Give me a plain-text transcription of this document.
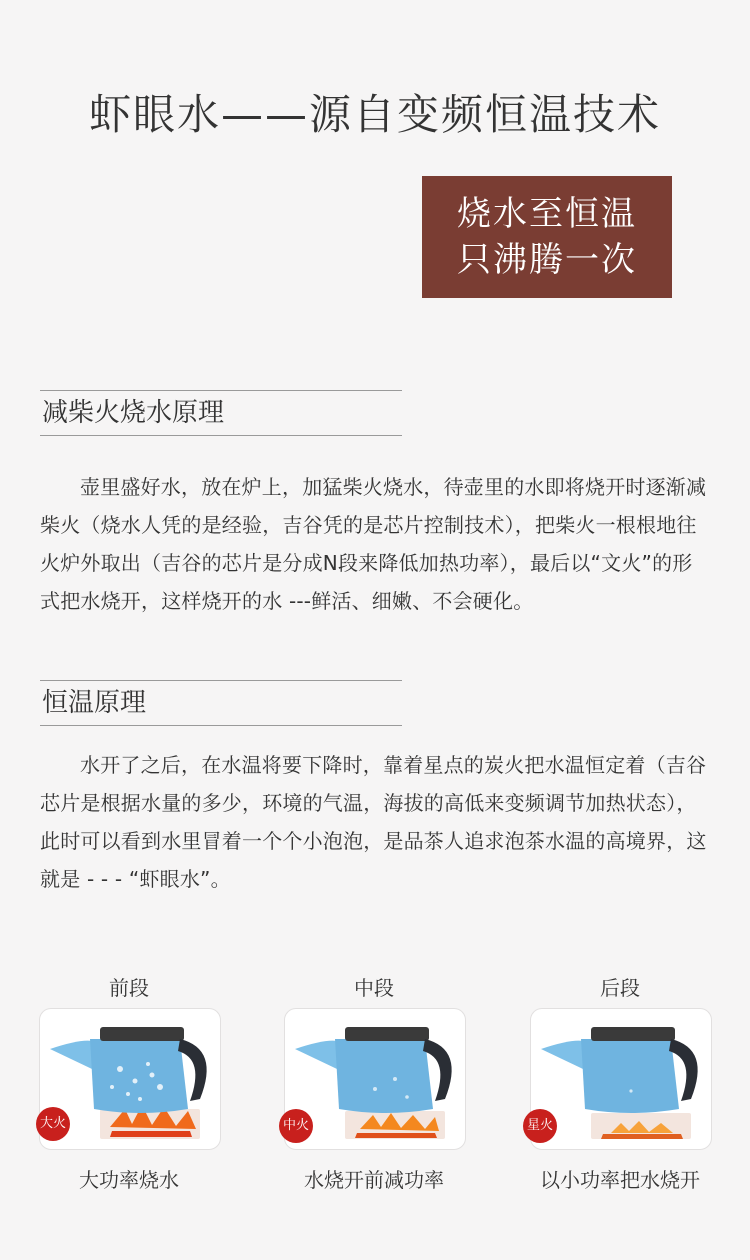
虾眼水——源自变频恒温技术
烧水至恒温
只沸腾一次
减柴火烧水原理
壶里盛好水，放在炉上，加猛柴火烧水，待壶里的水即将烧开时逐渐减柴火（烧水人凭的是经验，吉谷凭的是芯片控制技术），把柴火一根根地往火炉外取出（吉谷的芯片是分成N段来降低加热功率），最后以“文火”的形式把水烧开，这样烧开的水 ---鲜活、细嫩、不会硬化。
恒温原理
水开了之后，在水温将要下降时，靠着星点的炭火把水温恒定着（吉谷芯片是根据水量的多少，环境的气温，海拔的高低来变频调节加热状态），此时可以看到水里冒着一个个小泡泡，是品茶人追求泡茶水温的高境界，这就是 - - - “虾眼水”。
前段
大火
大功率烧水
中段
中火
水烧开前减功率
后段
星火
以小功率把水烧开
